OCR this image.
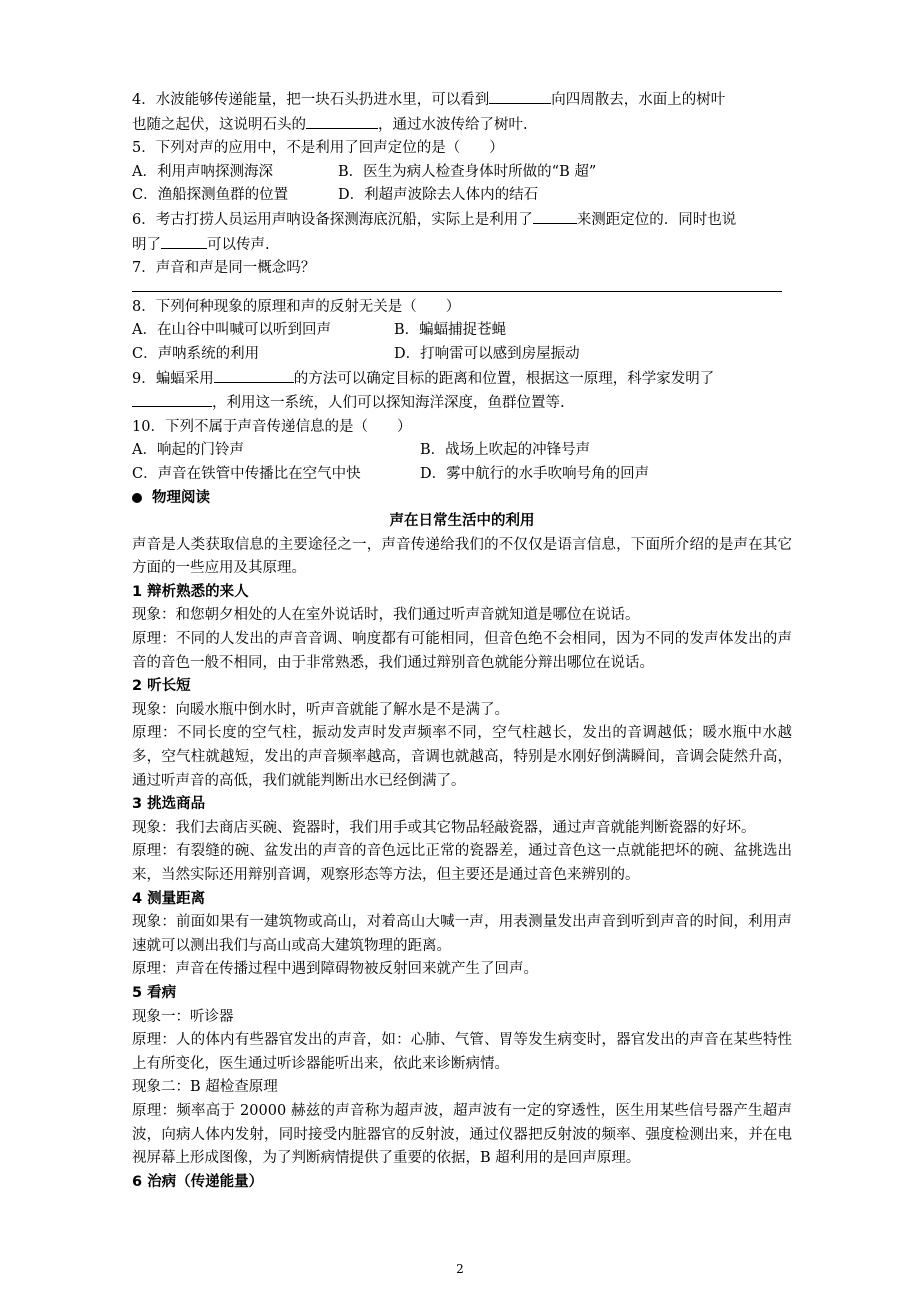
4．水波能够传递能量，把一块石头扔进水里，可以看到	向四周散去，水面上的树叶
也随之起伏，这说明石头的	，通过水波传给了树叶.
5．下列对声的应用中，不是利用了回声定位的是（　　）
A．利用声呐探测海深	B．医生为病人检查身体时所做的“B 超”
C．渔船探测鱼群的位置	D．利超声波除去人体内的结石
6．考古打捞人员运用声呐设备探测海底沉船，实际上是利用了	来测距定位的．同时也说
明了	可以传声.
7．声音和声是同一概念吗？
8．下列何种现象的原理和声的反射无关是（　　）
A．在山谷中叫喊可以听到回声	B．蝙蝠捕捉苍蝇
C．声呐系统的利用	D．打响雷可以感到房屋振动
9．蝙蝠采用	的方法可以确定目标的距离和位置，根据这一原理，科学家发明了
，利用这一系统，人们可以探知海洋深度，鱼群位置等.
10．下列不属于声音传递信息的是（　　）
A．响起的门铃声	B．战场上吹起的冲锋号声
C．声音在铁管中传播比在空气中快	D．雾中航行的水手吹响号角的回声
物理阅读
声在日常生活中的利用
声音是人类获取信息的主要途径之一，声音传递给我们的不仅仅是语言信息，下面所介绍的是声在其它方面的一些应用及其原理。
1 辩析熟悉的来人
现象：和您朝夕相处的人在室外说话时，我们通过听声音就知道是哪位在说话。
原理：不同的人发出的声音音调、响度都有可能相同，但音色绝不会相同，因为不同的发声体发出的声音的音色一般不相同，由于非常熟悉，我们通过辩别音色就能分辩出哪位在说话。
2 听长短
现象：向暖水瓶中倒水时，听声音就能了解水是不是满了。
原理：不同长度的空气柱，振动发声时发声频率不同，空气柱越长，发出的音调越低；暖水瓶中水越多，空气柱就越短，发出的声音频率越高，音调也就越高，特别是水刚好倒满瞬间，音调会陡然升高，通过听声音的高低，我们就能判断出水已经倒满了。
3 挑选商品
现象：我们去商店买碗、瓷器时，我们用手或其它物品轻敲瓷器，通过声音就能判断瓷器的好坏。
原理：有裂缝的碗、盆发出的声音的音色远比正常的瓷器差，通过音色这一点就能把坏的碗、盆挑选出来，当然实际还用辩别音调，观察形态等方法，但主要还是通过音色来辨别的。
4 测量距离
现象：前面如果有一建筑物或高山，对着高山大喊一声，用表测量发出声音到听到声音的时间，利用声速就可以测出我们与高山或高大建筑物理的距离。
原理：声音在传播过程中遇到障碍物被反射回来就产生了回声。
5 看病
现象一：听诊器
原理：人的体内有些器官发出的声音，如：心肺、气管、胃等发生病变时，器官发出的声音在某些特性上有所变化，医生通过听诊器能听出来，依此来诊断病情。
现象二：B 超检查原理
原理：频率高于 20000 赫兹的声音称为超声波，超声波有一定的穿透性，医生用某些信号器产生超声波，向病人体内发射，同时接受内脏器官的反射波，通过仪器把反射波的频率、强度检测出来，并在电视屏幕上形成图像，为了判断病情提供了重要的依据，B 超利用的是回声原理。
6 治病（传递能量）
2
